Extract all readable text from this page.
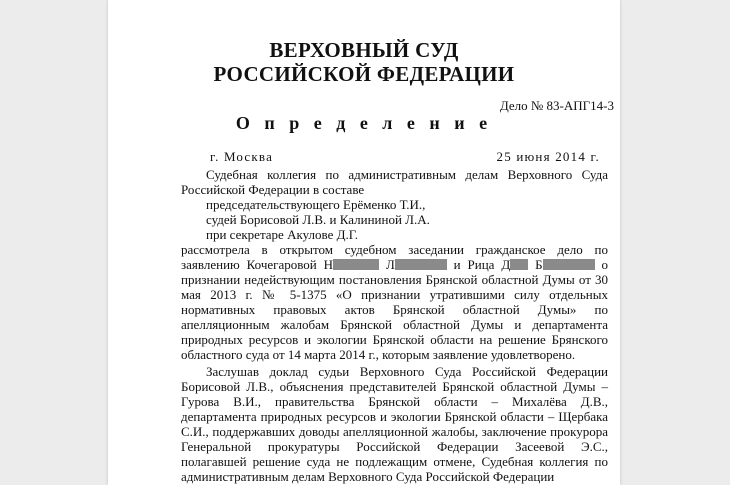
ВЕРХОВНЫЙ СУД
РОССИЙСКОЙ ФЕДЕРАЦИИ
Дело № 83-АПГ14-3
О п р е д е л е н и е
г. Москва	25 июня 2014 г.

Судебная коллегия по административным делам Верховного Суда Российской Федерации в составе

председательствующего Ерёменко Т.И.,

судей Борисовой Л.В. и Калининой Л.А.

при секретаре Акулове Д.Г.

рассмотрела в открытом судебном заседании гражданское дело по заявлению Кочегаровой Н	Л	и Рица Д Б	о признании недействующим постановления Брянской областной Думы от 30 мая 2013 г. № 5-1375 «О признании утратившими силу отдельных нормативных правовых актов Брянской областной Думы» по апелляционным жалобам Брянской областной Думы и департамента природных ресурсов и экологии Брянской области на решение Брянского областного суда от 14 марта 2014 г., которым заявление удовлетворено.

Заслушав доклад судьи Верховного Суда Российской Федерации Борисовой Л.В., объяснения представителей Брянской областной Думы – Гурова В.И., правительства Брянской области – Михалёва Д.В., департамента природных ресурсов и экологии Брянской области – Щербака С.И., поддержавших доводы апелляционной жалобы, заключение прокурора Генеральной прокуратуры Российской Федерации Засеевой Э.С., полагавшей решение суда не подлежащим отмене, Судебная коллегия по административным делам Верховного Суда Российской Федерации
